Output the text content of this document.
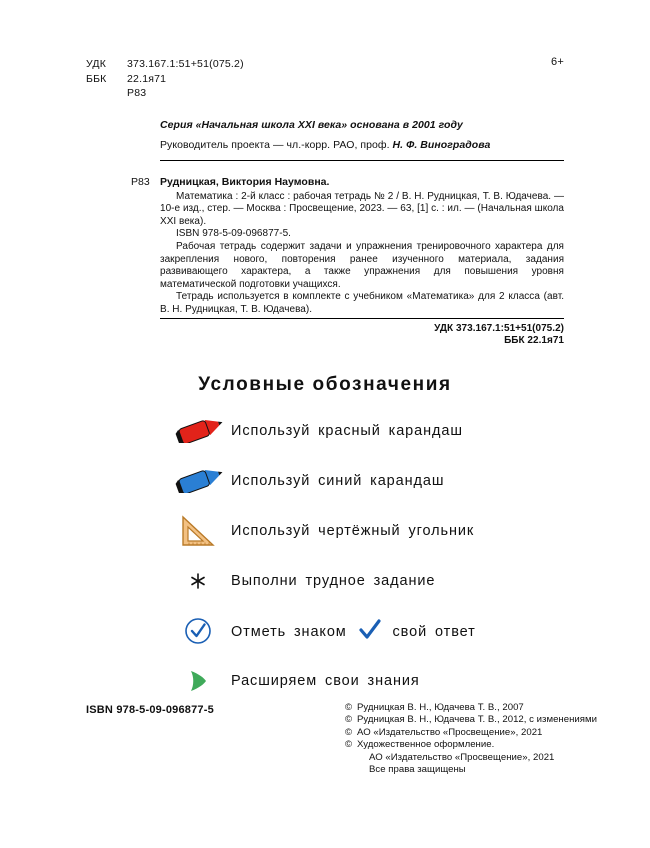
УДК	373.167.1:51+51(075.2)
ББК	22.1я71
Р83
6+
Серия «Начальная школа XXI века» основана в 2001 году
Руководитель проекта — чл.-корр. РАО, проф. Н. Ф. Виноградова
Р83 Рудницкая, Виктория Наумовна.

Математика : 2-й класс : рабочая тетрадь № 2 / В. Н. Рудницкая, Т. В. Юдачева. — 10-е изд., стер. — Москва : Просвещение, 2023. — 63, [1] с. : ил. — (Начальная школа XXI века).

ISBN 978-5-09-096877-5.

Рабочая тетрадь содержит задачи и упражнения тренировочного характера для закрепления нового, повторения ранее изученного материала, задания развивающего характера, а также упражнения для повышения уровня математической подготовки учащихся.

Тетрадь используется в комплекте с учебником «Математика» для 2 класса (авт. В. Н. Рудницкая, Т. В. Юдачева).

УДК 373.167.1:51+51(075.2)
ББК 22.1я71
Условные обозначения
Используй красный карандаш
Используй синий карандаш
Используй чертёжный угольник
Выполни трудное задание
Отметь знаком	свой ответ
Расширяем свои знания
ISBN 978-5-09-096877-5	© Рудницкая В. Н., Юдачева Т. В., 2007
© Рудницкая В. Н., Юдачева Т. В., 2012, с изменениями
© АО «Издательство «Просвещение», 2021
© Художественное оформление.
АО «Издательство «Просвещение», 2021
Все права защищены
